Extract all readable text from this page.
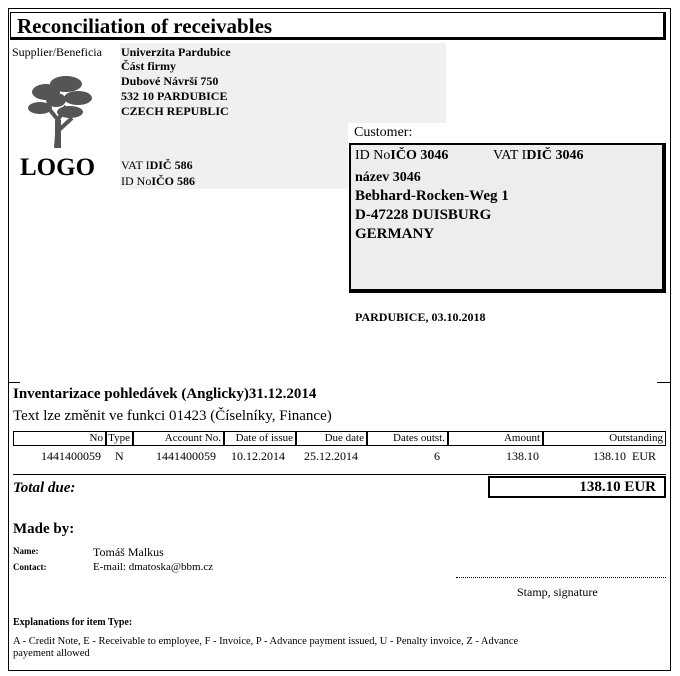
Reconciliation of receivables
Supplier/Beneficia Univerzita Pardubice
Část firmy
Dubové Návrší 750
532 10 PARDUBICE
CZECH REPUBLIC
LOGO VAT IDIČ 586
ID NoIČO 586
Customer:
ID NoIČO 3046	VAT IDIČ 3046
název 3046
Bebhard-Rocken-Weg 1
D-47228 DUISBURG
GERMANY
PARDUBICE, 03.10.2018
Inventarizace pohledávek (Anglicky)31.12.2014
Text lze změnit ve funkci 01423 (Číselníky, Finance)
No Type	Account No.	Date of issue	Due date	Dates outst.	Amount	Outstanding
1441400059 N	1441400059 10.12.2014 25.12.2014	6	138.10	138.10  EUR
Total due:	138.10 EUR
Made by:
Name:	Tomáš Malkus
Contact:	E-mail: dmatoska@bbm.cz
Stamp, signature
Explanations for item Type:
A - Credit Note, E - Receivable to employee, F - Invoice, P - Advance payment issued, U - Penalty invoice, Z - Advance
payement allowed
